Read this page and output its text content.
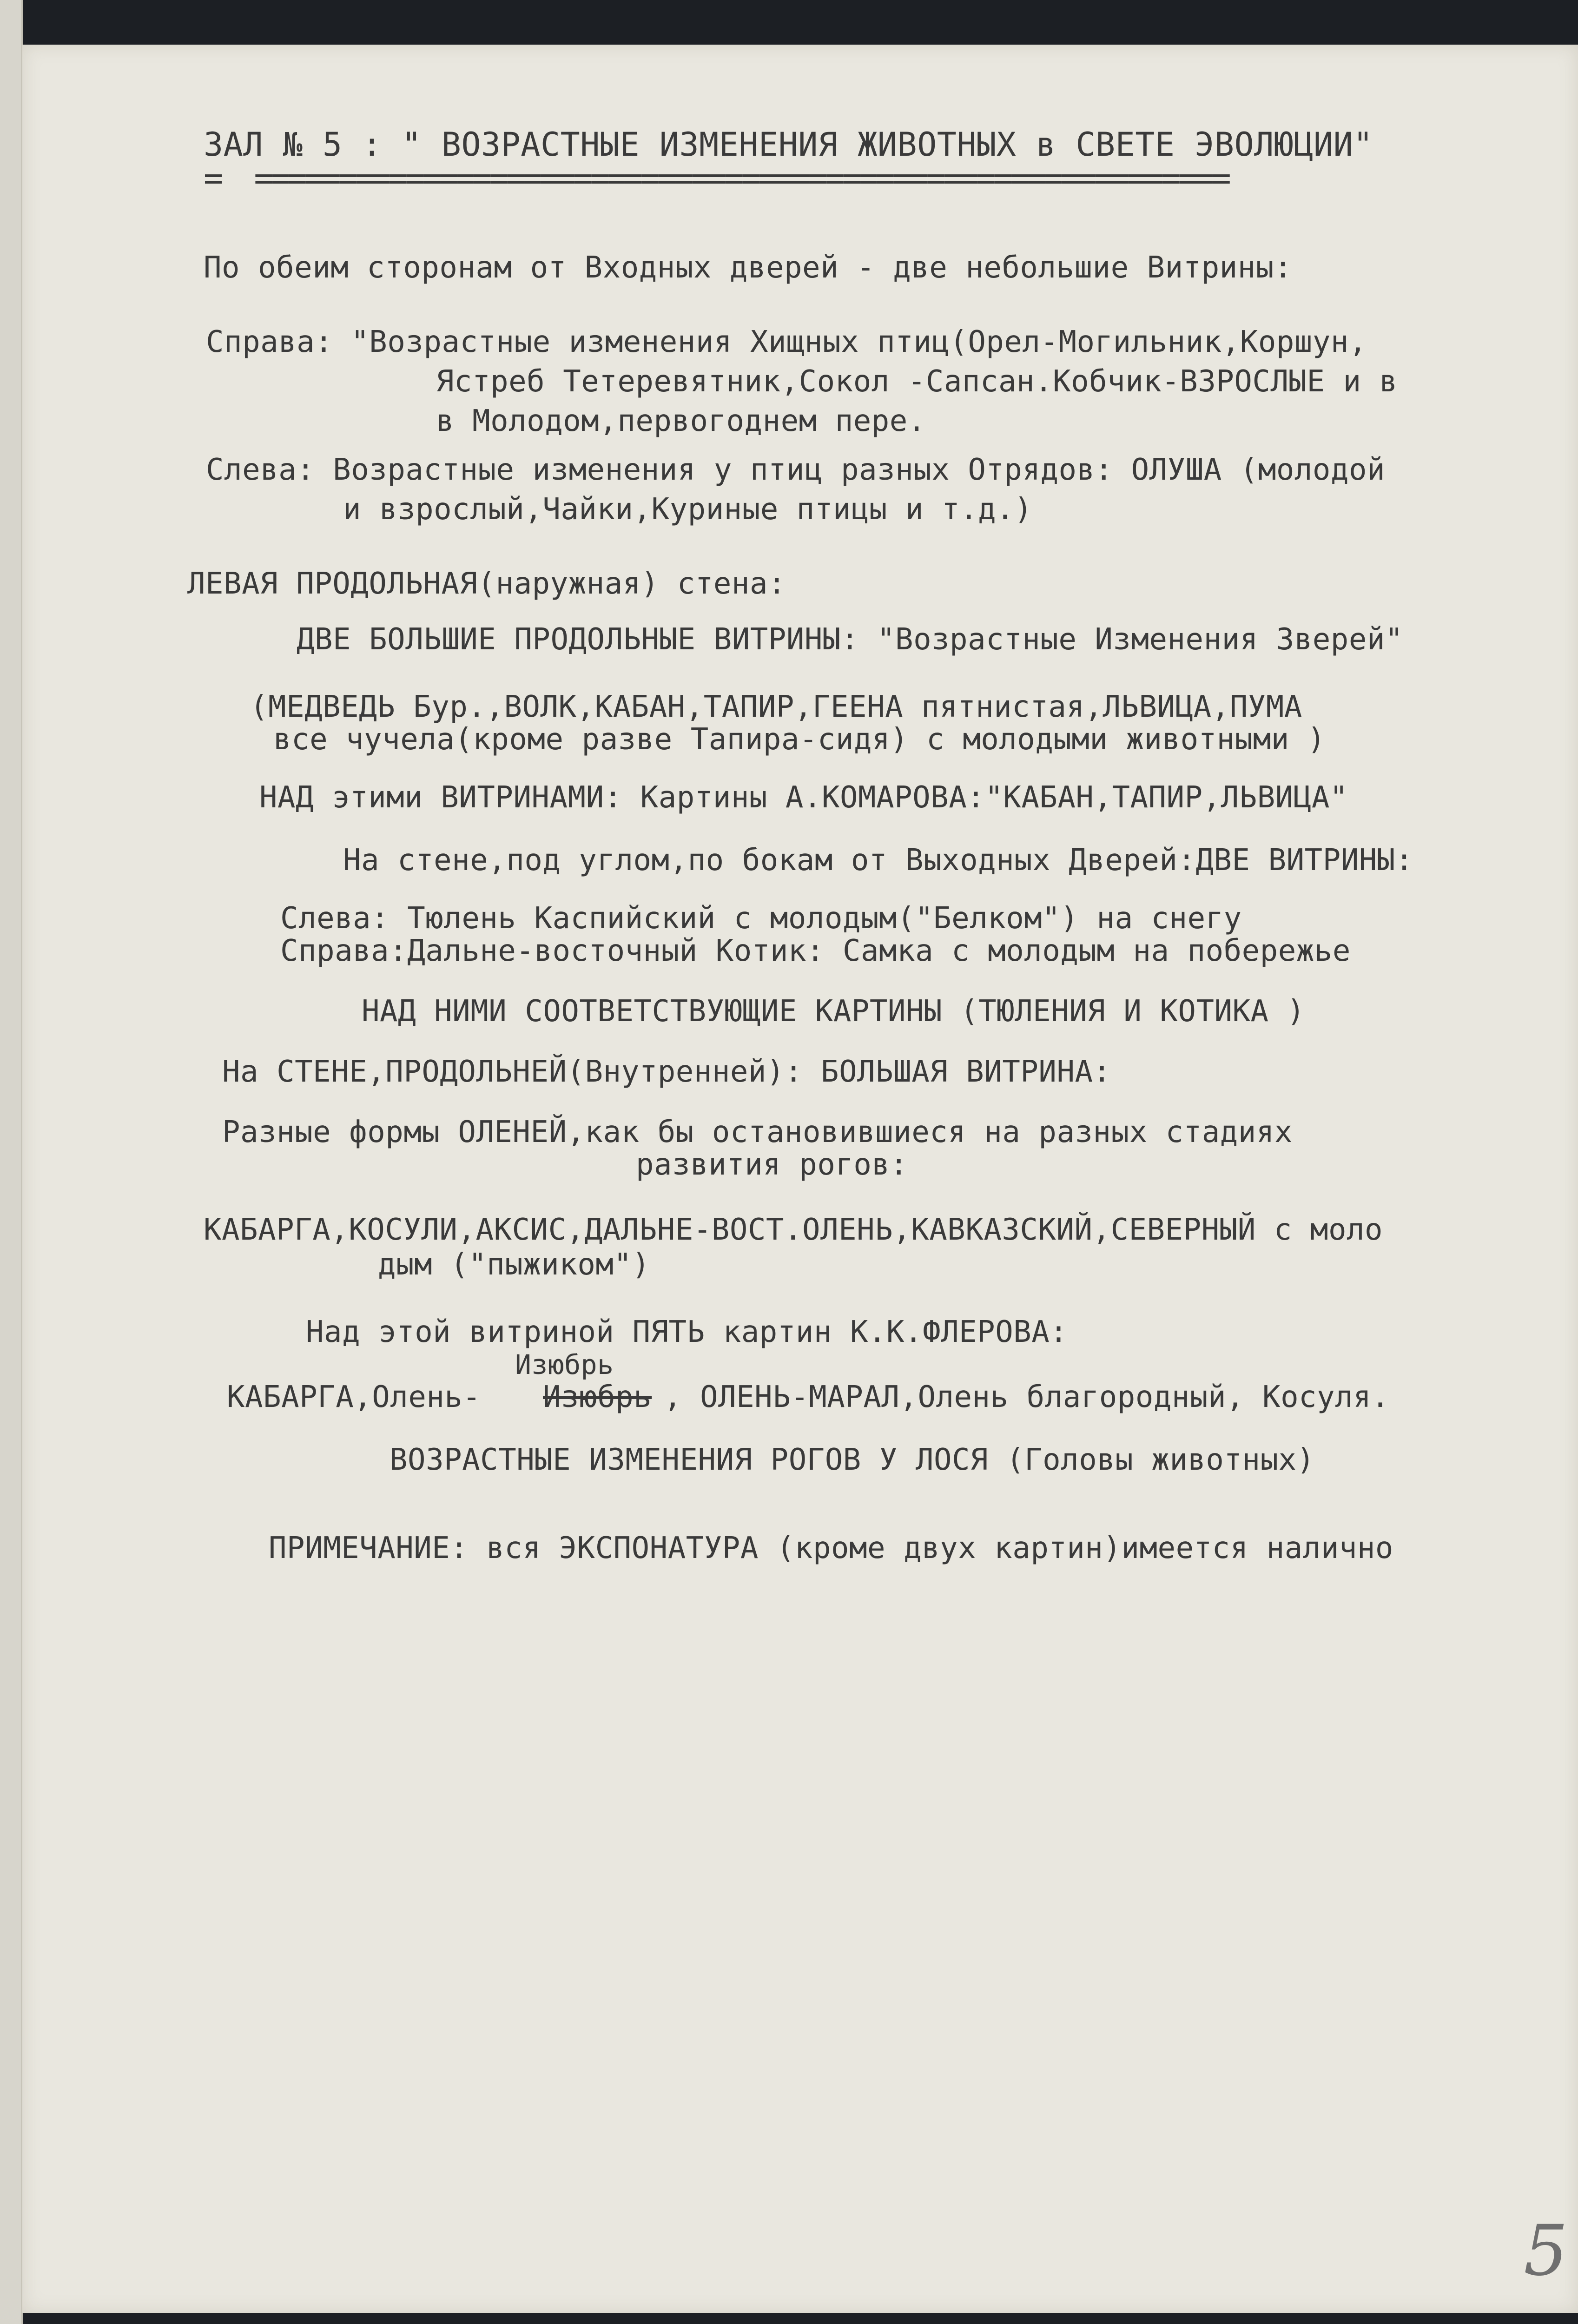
ЗАЛ № 5 : " ВОЗРАСТНЫЕ ИЗМЕНЕНИЯ ЖИВОТНЫХ в СВЕТЕ ЭВОЛЮЦИИ"
=  ==========================================================
По обеим сторонам от Входных дверей - две небольшие Витрины:
Справа: "Возрастные изменения Хищных птиц(Орел-Могильник,Коршун,
Ястреб Тетеревятник,Сокол -Сапсан.Кобчик-ВЗРОСЛЫЕ и в
в Молодом,первогоднем пере.
Слева: Возрастные изменения у птиц разных Отрядов: ОЛУША (молодой
и взрослый,Чайки,Куриные птицы и т.д.)
ЛЕВАЯ ПРОДОЛЬНАЯ(наружная) стена:
ДВЕ БОЛЬШИЕ ПРОДОЛЬНЫЕ ВИТРИНЫ: "Возрастные Изменения Зверей"
(МЕДВЕДЬ Бур.,ВОЛК,КАБАН,ТАПИР,ГЕЕНА пятнистая,ЛЬВИЦА,ПУМА
все чучела(кроме разве Тапира-сидя) с молодыми животными )
НАД этими ВИТРИНАМИ: Картины А.КОМАРОВА:"КАБАН,ТАПИР,ЛЬВИЦА"
На стене,под углом,по бокам от Выходных Дверей:ДВЕ ВИТРИНЫ:
Слева: Тюлень Каспийский с молодым("Белком") на снегу
Справа:Дальне-восточный Котик: Самка с молодым на побережье
НАД НИМИ СООТВЕТСТВУЮЩИЕ КАРТИНЫ (ТЮЛЕНИЯ И КОТИКА )
На СТЕНЕ,ПРОДОЛЬНЕЙ(Внутренней): БОЛЬШАЯ ВИТРИНА:
Разные формы ОЛЕНЕЙ,как бы остановившиеся на разных стадиях
развития рогов:
КАБАРГА,КОСУЛИ,АКСИС,ДАЛЬНЕ-ВОСТ.ОЛЕНЬ,КАВКАЗСКИЙ,СЕВЕРНЫЙ с моло
дым ("пыжиком")
Над этой витриной ПЯТЬ картин К.К.ФЛЕРОВА:
Изюбрь
КАБАРГА,Олень- Изюбрь , ОЛЕНЬ-МАРАЛ,Олень благородный, Косуля.
ВОЗРАСТНЫЕ ИЗМЕНЕНИЯ РОГОВ У ЛОСЯ (Головы животных)
ПРИМЕЧАНИЕ: вся ЭКСПОНАТУРА (кроме двух картин)имеется налично
5
